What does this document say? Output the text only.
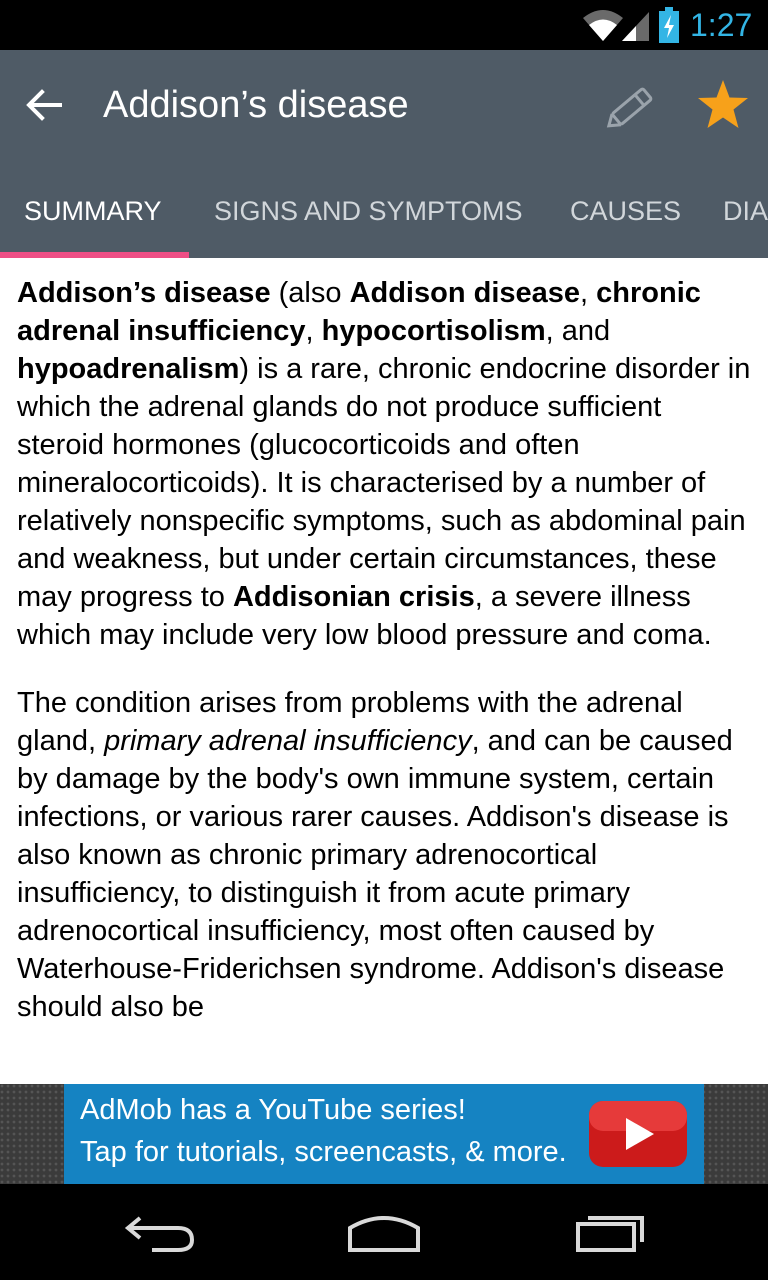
1:27
Addison’s disease
SUMMARY SIGNS AND SYMPTOMS CAUSES DIA

Addison’s disease (also Addison disease, chronic adrenal insufficiency, hypocortisolism, and hypoadrenalism) is a rare, chronic endocrine disorder in which the adrenal glands do not produce sufficient steroid hormones (glucocorticoids and often mineralocorticoids). It is characterised by a number of relatively nonspecific symptoms, such as abdominal pain and weakness, but under certain circumstances, these may progress to Addisonian crisis, a severe illness which may include very low blood pressure and coma.

The condition arises from problems with the adrenal gland, primary adrenal insufficiency, and can be caused by damage by the body's own immune system, certain infections, or various rarer causes. Addison's disease is also known as chronic primary adrenocortical insufficiency, to distinguish it from acute primary adrenocortical insufficiency, most often caused by Waterhouse-Friderichsen syndrome. Addison's disease should also be

AdMob has a YouTube series!
Tap for tutorials, screencasts, & more.
